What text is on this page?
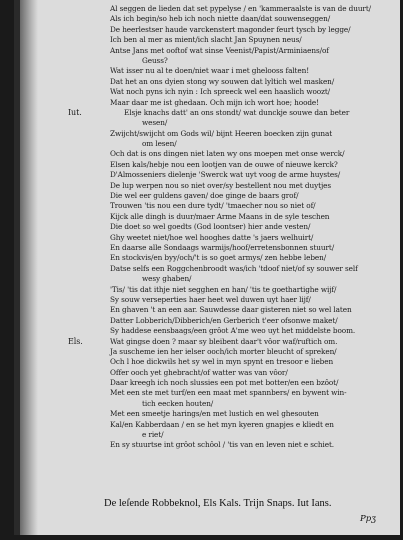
Al seggen de lieden dat set pypelyse / en 'kammeraalste is van de duurt/
Als ich begin/so heb ich noch niette daan/dat souwenseggen/
De heerlestser haude varckenstert magonder feurt tysch by legge/
Ich ben al mer as mient/ich slacht Jan Spuynen neus/
Antse Jans met ooftof wat sinse Veenist/Papist/Arminiaens/of
Geuss?
Wat isser nu al te doen/niet waar i met ghelooss falten!
Dat het an ons dyien stong wy souwen dat lyltich wel masken/
Wat noch pyns ich nyin : Ich spreeck wel een haaslich woozt/
Maar daar me ist ghedaan. Och mijn ich wort hoe; hoode!
Iut.	Elsje knachs datt' an ons stondt/ wat dunckje souwe dan beter
wesen/
Zwijcht/swijcht om Gods wil/ bijnt Heeren boecken zijn gunat
om lesen/
Och dat is ons dingen niet laten wy ons moepen met onse werck/
Elsen kals/hebje nou een lootjen van de ouwe of nieuwe kerck?
D'Almosseniers dielenje 'Swerck wat uyt voog de arme huystes/
De lup werpen nou so niet over/sy bestellent nou met duytjes
Die wel eer guldens gaven/ doe ginge de baars grof/
Trouwen 'tis nou een dure tydt/ 'tmaecher nou so niet of/
Kijck alle dingh is duur/maer Arme Maans in de syle teschen
Die doet so wel goedts (God loontser) hier ande vesten/
Ghy weetet niet/hoe wel hooghes datte 's jaers welhuirt/
En daarse alle Sondaags warmijs/hoof/erretensbonnen stuurt/
En stockvis/en byy/och/'t is so goet armys/ zen hebbe leben/
Datse selfs een Roggchenbroodt was/ich 'tdoof niet/of sy souwer self
wesy ghaben/
'Tis/ 'tis dat ithje niet segghen en han/ 'tis te goethartighe wijf/
Sy souw verseperties haer heet wel duwen uyt haer lijf/
En ghaven 't an een aar. Sauwdesse daar gisteren niet so wel laten
Datter Lobberich/Dibberich/en Gerberich t'eer ofsonwe maket/
Sy haddese eensbaags/een grôot A'me weo uyt het middelste boom.
Els.	Wat gingse doen ? maar sy bleibent daar't vôor waf/ruftich om.
Ja suscheme ien her ielser ooch/ich morter bleucht of spreken/
Och l hoe dickwils het sy wel in myn spynt en tresoor e lieben
Offer ooch yet ghebracht/of watter was van vôor/
Daar kreegh ich noch slussies een pot met botter/en een bzôot/
Met een ste met turf/en een maat met spannbers/ en bywent win-
tich eecken houten/
Met een smeetje harings/en met lustich en wel ghesouten
Kal/en Kabberdaan / en se het myn kyeren gnapjes e kliedt en
e riet/
En sy stuurtse int grôot schôol / 'tis van en leven niet e schiet.
De leſende Robbeknol, Els Kals. Trijn Snaps. Iut Ians.
Ppʒ
